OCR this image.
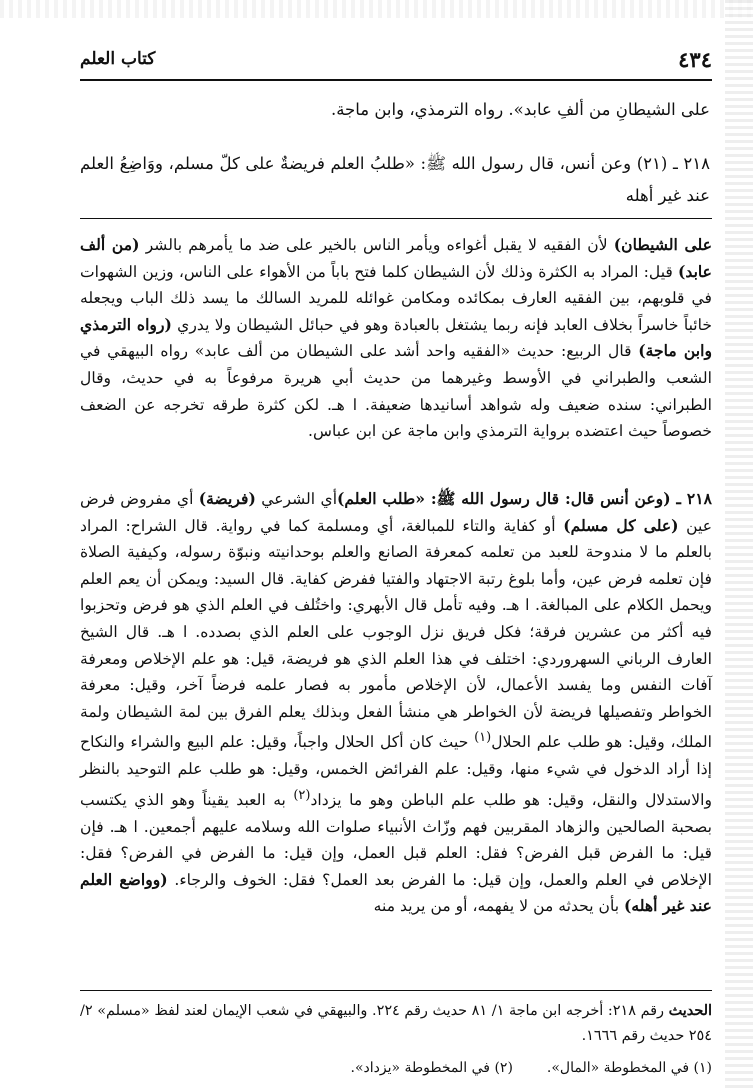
٤٣٤
كتاب العلم
على الشيطانِ من ألفِ عابد». رواه الترمذي، وابن ماجة.
٢١٨ ـ (٢١) وعن أنس، قال رسول الله ﷺ: «طلبُ العلم فريضةٌ على كلّ مسلم، ووَاضِعُ العلم عند غير أهله
على الشيطان) لأن الفقيه لا يقبل أغواءه ويأمر الناس بالخير على ضد ما يأمرهم بالشر (من ألف عابد) قيل: المراد به الكثرة وذلك لأن الشيطان كلما فتح باباً من الأهواء على الناس، وزين الشهوات في قلوبهم، بين الفقيه العارف بمكائده ومكامن غوائله للمريد السالك ما يسد ذلك الباب ويجعله خائباً خاسراً بخلاف العابد فإنه ربما يشتغل بالعبادة وهو في حبائل الشيطان ولا يدري (رواه الترمذي وابن ماجة) قال الربيع: حديث «الفقيه واحد أشد على الشيطان من ألف عابد» رواه البيهقي في الشعب والطبراني في الأوسط وغيرهما من حديث أبي هريرة مرفوعاً به في حديث، وقال الطبراني: سنده ضعيف وله شواهد أسانيدها ضعيفة. ا هـ. لكن كثرة طرقه تخرجه عن الضعف خصوصاً حيث اعتضده برواية الترمذي وابن ماجة عن ابن عباس.
٢١٨ ـ (وعن أنس قال: قال رسول الله ﷺ: «طلب العلم)أي الشرعي (فريضة) أي مفروض فرض عين (على كل مسلم) أو كفاية والتاء للمبالغة، أي ومسلمة كما في رواية. قال الشراح: المراد بالعلم ما لا مندوحة للعبد من تعلمه كمعرفة الصانع والعلم بوحدانيته ونبوّة رسوله، وكيفية الصلاة فإن تعلمه فرض عين، وأما بلوغ رتبة الاجتهاد والفتيا ففرض كفاية. قال السيد: ويمكن أن يعم العلم ويحمل الكلام على المبالغة. ا هـ. وفيه تأمل قال الأبهري: واختُلف في العلم الذي هو فرض وتحزبوا فيه أكثر من عشرين فرقة؛ فكل فريق نزل الوجوب على العلم الذي بصدده. ا هـ. قال الشيخ العارف الرباني السهروردي: اختلف في هذا العلم الذي هو فريضة، قيل: هو علم الإخلاص ومعرفة آفات النفس وما يفسد الأعمال، لأن الإخلاص مأمور به فصار علمه فرضاً آخر، وقيل: معرفة الخواطر وتفصيلها فريضة لأن الخواطر هي منشأ الفعل وبذلك يعلم الفرق بين لمة الشيطان ولمة الملك، وقيل: هو طلب علم الحلال$^{(١)}$ حيث كان أكل الحلال واجباً، وقيل: علم البيع والشراء والنكاح إذا أراد الدخول في شيء منها، وقيل: علم الفرائض الخمس، وقيل: هو طلب علم التوحيد بالنظر والاستدلال والنقل، وقيل: هو طلب علم الباطن وهو ما يزداد$^{(٢)}$ به العبد يقيناً وهو الذي يكتسب بصحبة الصالحين والزهاد المقربين فهم وزّاث الأنبياء صلوات الله وسلامه عليهم أجمعين. ا هـ. فإن قيل: ما الفرض قبل الفرض؟ فقل: العلم قبل العمل، وإن قيل: ما الفرض في الفرض؟ فقل: الإخلاص في العلم والعمل، وإن قيل: ما الفرض بعد العمل؟ فقل: الخوف والرجاء. (وواضع العلم عند غير أهله) بأن يحدثه من لا يفهمه، أو من يريد منه
الحديث رقم ٢١٨: أخرجه ابن ماجة ١/ ٨١ حديث رقم ٢٢٤. والبيهقي في شعب الإيمان لعند لفظ «مسلم» ٢/ ٢٥٤ حديث رقم ١٦٦٦.
(١) في المخطوطة «المال».
(٢) في المخطوطة «يزداد».
